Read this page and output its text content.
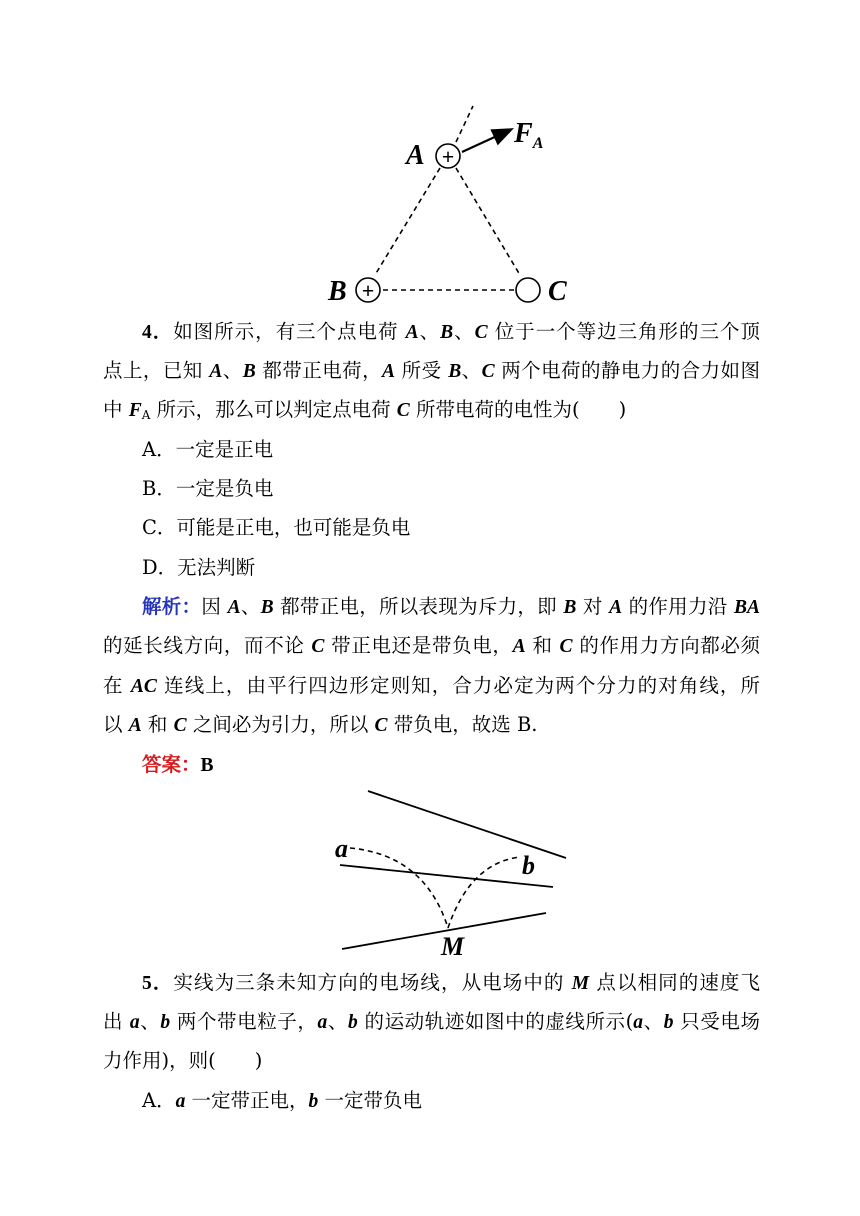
+
+
A
B	C
$F_A$
4．如图所示，有三个点电荷 A、B、C 位于一个等边三角形的三个顶
点上，已知 A、B 都带正电荷，A 所受 B、C 两个电荷的静电力的合力如图
中 $F_A$ 所示，那么可以判定点电荷 C 所带电荷的电性为(　　)
A．一定是正电
B．一定是负电
C．可能是正电，也可能是负电
D．无法判断
解析：因 A、B 都带正电，所以表现为斥力，即 B 对 A 的作用力沿 BA
的延长线方向，而不论 C 带正电还是带负电，A 和 C 的作用力方向都必须
在 AC 连线上，由平行四边形定则知，合力必定为两个分力的对角线，所
以 A 和 C 之间必为引力，所以 C 带负电，故选 B.
答案：B
a
b
M
5．实线为三条未知方向的电场线，从电场中的 M 点以相同的速度飞
出 a、b 两个带电粒子，a、b 的运动轨迹如图中的虚线所示(a、b 只受电场
力作用)，则(　　)
A．a 一定带正电，b 一定带负电
